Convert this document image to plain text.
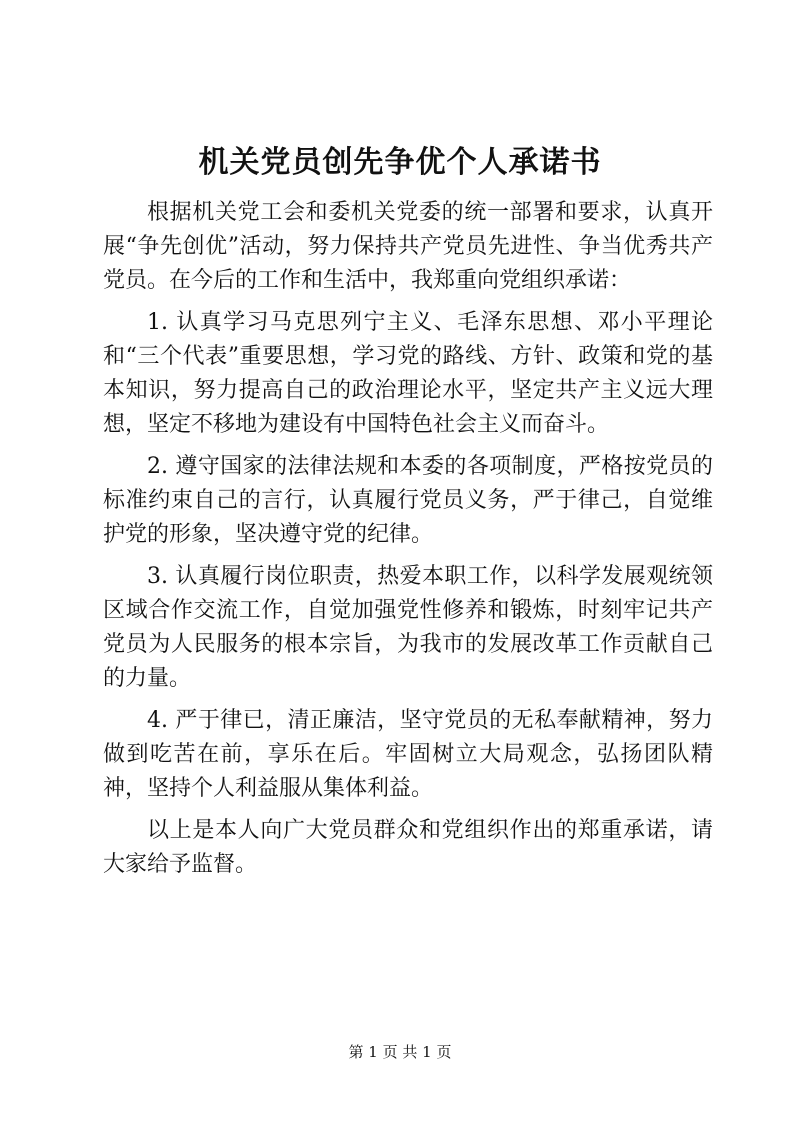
机关党员创先争优个人承诺书

根据机关党工会和委机关党委的统一部署和要求，认真开展“争先创优”活动，努力保持共产党员先进性、争当优秀共产党员。在今后的工作和生活中，我郑重向党组织承诺：

1. 认真学习马克思列宁主义、毛泽东思想、邓小平理论和“三个代表”重要思想，学习党的路线、方针、政策和党的基本知识，努力提高自己的政治理论水平，坚定共产主义远大理想，坚定不移地为建设有中国特色社会主义而奋斗。

2. 遵守国家的法律法规和本委的各项制度，严格按党员的标准约束自己的言行，认真履行党员义务，严于律己，自觉维护党的形象，坚决遵守党的纪律。

3. 认真履行岗位职责，热爱本职工作，以科学发展观统领区域合作交流工作，自觉加强党性修养和锻炼，时刻牢记共产党员为人民服务的根本宗旨，为我市的发展改革工作贡献自己的力量。

4. 严于律已，清正廉洁，坚守党员的无私奉献精神，努力做到吃苦在前，享乐在后。牢固树立大局观念，弘扬团队精神，坚持个人利益服从集体利益。

以上是本人向广大党员群众和党组织作出的郑重承诺，请大家给予监督。

第 1 页 共 1 页
